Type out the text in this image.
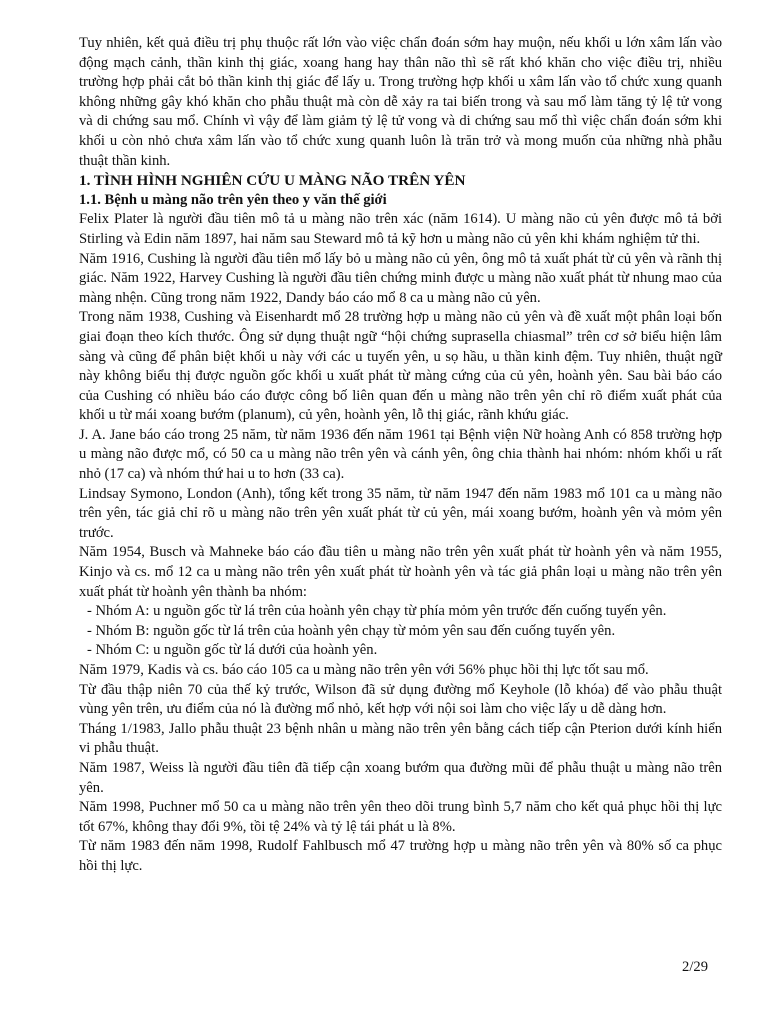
Tuy nhiên, kết quả điều trị phụ thuộc rất lớn vào việc chẩn đoán sớm hay muộn, nếu khối u lớn xâm lấn vào động mạch cảnh, thần kinh thị giác, xoang hang hay thân não thì sẽ rất khó khăn cho việc điều trị, nhiều trường hợp phải cắt bỏ thần kinh thị giác để lấy u. Trong trường hợp khối u xâm lấn vào tổ chức xung quanh không những gây khó khăn cho phẫu thuật mà còn dễ xảy ra tai biến trong và sau mổ làm tăng tỷ lệ tử vong và di chứng sau mổ. Chính vì vậy để làm giảm tỷ lệ tử vong và di chứng sau mổ thì việc chẩn đoán sớm khi khối u còn nhỏ chưa xâm lấn vào tổ chức xung quanh luôn là trăn trở và mong muốn của những nhà phẫu thuật thần kinh.

1. TÌNH HÌNH NGHIÊN CỨU U MÀNG NÃO TRÊN YÊN
1.1. Bệnh u màng não trên yên theo y văn thế giới

Felix Plater là người đầu tiên mô tả u màng não trên xác (năm 1614). U màng não củ yên được mô tả bởi Stirling và Edin năm 1897, hai năm sau Steward mô tả kỹ hơn u màng não củ yên khi khám nghiệm tử thi.

Năm 1916, Cushing là người đầu tiên mổ lấy bỏ u màng não củ yên, ông mô tả xuất phát từ củ yên và rãnh thị giác. Năm 1922, Harvey Cushing là người đầu tiên chứng minh được u màng não xuất phát từ nhung mao của màng nhện. Cũng trong năm 1922, Dandy báo cáo mổ 8 ca u màng não củ yên.

Trong năm 1938, Cushing và Eisenhardt mổ 28 trường hợp u màng não củ yên và đề xuất một phân loại bốn giai đoạn theo kích thước. Ông sử dụng thuật ngữ “hội chứng suprasella chiasmal” trên cơ sở biểu hiện lâm sàng và cũng để phân biệt khối u này với các u tuyến yên, u sọ hầu, u thần kinh đệm. Tuy nhiên, thuật ngữ này không biểu thị được nguồn gốc khối u xuất phát từ màng cứng của củ yên, hoành yên. Sau bài báo cáo của Cushing có nhiều báo cáo được công bố liên quan đến u màng não trên yên chỉ rõ điểm xuất phát của khối u từ mái xoang bướm (planum), củ yên, hoành yên, lỗ thị giác, rãnh khứu giác.

J. A. Jane báo cáo trong 25 năm, từ năm 1936 đến năm 1961 tại Bệnh viện Nữ hoàng Anh có 858 trường hợp u màng não được mổ, có 50 ca u màng não trên yên và cánh yên, ông chia thành hai nhóm: nhóm khối u rất nhỏ (17 ca) và nhóm thứ hai u to hơn (33 ca).

Lindsay Symono, London (Anh), tổng kết trong 35 năm, từ năm 1947 đến năm 1983 mổ 101 ca u màng não trên yên, tác giả chỉ rõ u màng não trên yên xuất phát từ củ yên, mái xoang bướm, hoành yên và mỏm yên trước.

Năm 1954, Busch và Mahneke báo cáo đầu tiên u màng não trên yên xuất phát từ hoành yên và năm 1955, Kinjo và cs. mổ 12 ca u màng não trên yên xuất phát từ hoành yên và tác giả phân loại u màng não trên yên xuất phát từ hoành yên thành ba nhóm:

- Nhóm A: u nguồn gốc từ lá trên của hoành yên chạy từ phía mỏm yên trước đến cuống tuyến yên.

- Nhóm B: nguồn gốc từ lá trên của hoành yên chạy từ mỏm yên sau đến cuống tuyến yên.

- Nhóm C: u nguồn gốc từ lá dưới của hoành yên.

Năm 1979, Kadis và cs. báo cáo 105 ca u màng não trên yên với 56% phục hồi thị lực tốt sau mổ.

Từ đầu thập niên 70 của thế kỷ trước, Wilson đã sử dụng đường mổ Keyhole (lỗ khóa) để vào phẫu thuật vùng yên trên, ưu điểm của nó là đường mổ nhỏ, kết hợp với nội soi làm cho việc lấy u dễ dàng hơn.

Tháng 1/1983, Jallo phẫu thuật 23 bệnh nhân u màng não trên yên bằng cách tiếp cận Pterion dưới kính hiển vi phẫu thuật.

Năm 1987, Weiss là người đầu tiên đã tiếp cận xoang bướm qua đường mũi để phẫu thuật u màng não trên yên.

Năm 1998, Puchner mổ 50 ca u màng não trên yên theo dõi trung bình 5,7 năm cho kết quả phục hồi thị lực tốt 67%, không thay đổi 9%, tồi tệ 24% và tỷ lệ tái phát u là 8%.

Từ năm 1983 đến năm 1998, Rudolf Fahlbusch mổ 47 trường hợp u màng não trên yên và 80% số ca phục hồi thị lực.

2/29
